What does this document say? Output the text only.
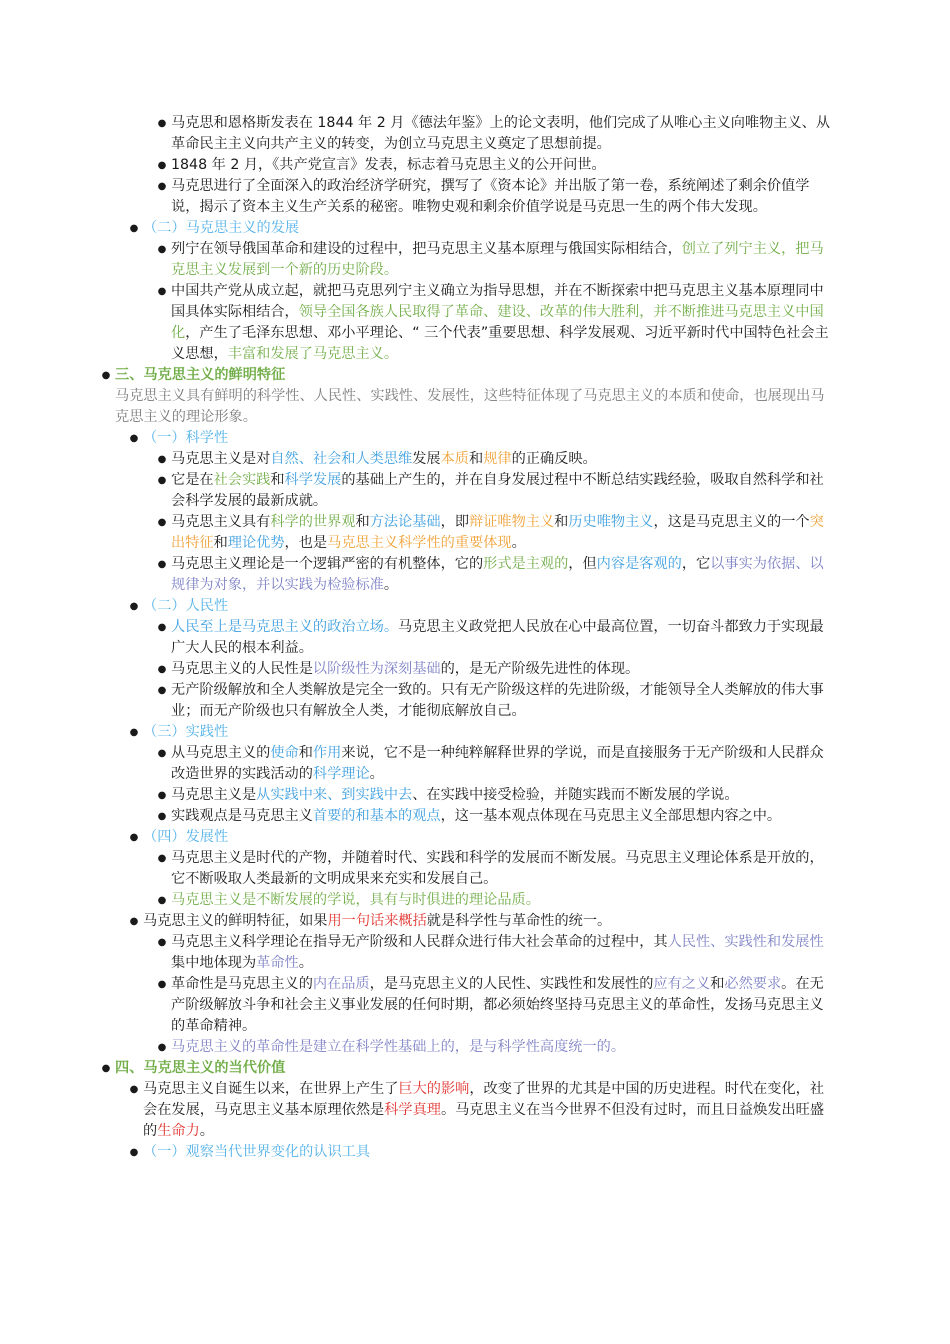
● 马克思和恩格斯发表在 1844 年 2 月《德法年鉴》上的论文表明，他们完成了从唯心主义向唯物主义、从革命民主主义向共产主义的转变，为创立马克思主义奠定了思想前提。
● 1848 年 2 月，《共产党宣言》发表，标志着马克思主义的公开问世。
● 马克思进行了全面深入的政治经济学研究，撰写了《资本论》并出版了第一卷，系统阐述了剩余价值学说，揭示了资本主义生产关系的秘密。唯物史观和剩余价值学说是马克思一生的两个伟大发现。
● （二）马克思主义的发展
● 列宁在领导俄国革命和建设的过程中，把马克思主义基本原理与俄国实际相结合，创立了列宁主义，把马克思主义发展到一个新的历史阶段。
● 中国共产党从成立起，就把马克思列宁主义确立为指导思想，并在不断探索中把马克思主义基本原理同中国具体实际相结合，领导全国各族人民取得了革命、建设、改革的伟大胜利，并不断推进马克思主义中国化，产生了毛泽东思想、邓小平理论、“ 三个代表”重要思想、科学发展观、习近平新时代中国特色社会主义思想，丰富和发展了马克思主义。
● 三、马克思主义的鲜明特征
马克思主义具有鲜明的科学性、人民性、实践性、发展性，这些特征体现了马克思主义的本质和使命，也展现出马克思主义的理论形象。
● （一）科学性
● 马克思主义是对自然、社会和人类思维发展本质和规律的正确反映。
● 它是在社会实践和科学发展的基础上产生的，并在自身发展过程中不断总结实践经验，吸取自然科学和社会科学发展的最新成就。
● 马克思主义具有科学的世界观和方法论基础，即辩证唯物主义和历史唯物主义，这是马克思主义的一个突出特征和理论优势，也是马克思主义科学性的重要体现。
● 马克思主义理论是一个逻辑严密的有机整体，它的形式是主观的，但内容是客观的，它以事实为依据、以规律为对象，并以实践为检验标准。
● （二）人民性
● 人民至上是马克思主义的政治立场。马克思主义政党把人民放在心中最高位置，一切奋斗都致力于实现最广大人民的根本利益。
● 马克思主义的人民性是以阶级性为深刻基础的，是无产阶级先进性的体现。
● 无产阶级解放和全人类解放是完全一致的。只有无产阶级这样的先进阶级，才能领导全人类解放的伟大事业；而无产阶级也只有解放全人类，才能彻底解放自己。
● （三）实践性
● 从马克思主义的使命和作用来说，它不是一种纯粹解释世界的学说，而是直接服务于无产阶级和人民群众改造世界的实践活动的科学理论。
● 马克思主义是从实践中来、到实践中去、在实践中接受检验，并随实践而不断发展的学说。
● 实践观点是马克思主义首要的和基本的观点，这一基本观点体现在马克思主义全部思想内容之中。
● （四）发展性
● 马克思主义是时代的产物，并随着时代、实践和科学的发展而不断发展。马克思主义理论体系是开放的，它不断吸取人类最新的文明成果来充实和发展自己。
● 马克思主义是不断发展的学说，具有与时俱进的理论品质。
● 马克思主义的鲜明特征，如果用一句话来概括就是科学性与革命性的统一。
● 马克思主义科学理论在指导无产阶级和人民群众进行伟大社会革命的过程中，其人民性、实践性和发展性集中地体现为革命性。
● 革命性是马克思主义的内在品质，是马克思主义的人民性、实践性和发展性的应有之义和必然要求。在无产阶级解放斗争和社会主义事业发展的任何时期，都必须始终坚持马克思主义的革命性，发扬马克思主义的革命精神。
● 马克思主义的革命性是建立在科学性基础上的，是与科学性高度统一的。
● 四、马克思主义的当代价值
● 马克思主义自诞生以来，在世界上产生了巨大的影响，改变了世界的尤其是中国的历史进程。时代在变化，社会在发展，马克思主义基本原理依然是科学真理。马克思主义在当今世界不但没有过时，而且日益焕发出旺盛的生命力。
● （一）观察当代世界变化的认识工具
